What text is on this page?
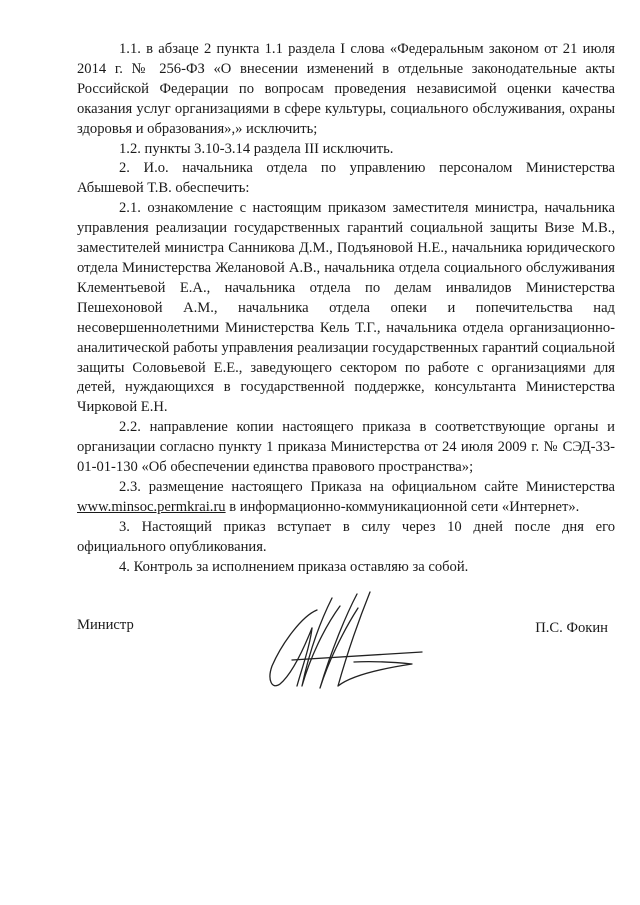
1.1. в абзаце 2 пункта 1.1 раздела I слова «Федеральным законом от 21 июля 2014 г. № 256-ФЗ «О внесении изменений в отдельные законодательные акты Российской Федерации по вопросам проведения независимой оценки качества оказания услуг организациями в сфере культуры, социального обслуживания, охраны здоровья и образования»,» исключить;

1.2. пункты 3.10-3.14 раздела III исключить.

2. И.о. начальника отдела по управлению персоналом Министерства Абышевой Т.В. обеспечить:

2.1. ознакомление с настоящим приказом заместителя министра, начальника управления реализации государственных гарантий социальной защиты Визе М.В., заместителей министра Санникова Д.М., Подъяновой Н.Е., начальника юридического отдела Министерства Желановой А.В., начальника отдела социального обслуживания Клементьевой Е.А., начальника отдела по делам инвалидов Министерства Пешехоновой А.М., начальника отдела опеки и попечительства над несовершеннолетними Министерства Кель Т.Г., начальника отдела организационно-аналитической работы управления реализации государственных гарантий социальной защиты Соловьевой Е.Е., заведующего сектором по работе с организациями для детей, нуждающихся в государственной поддержке, консультанта Министерства Чирковой Е.Н.

2.2. направление копии настоящего приказа в соответствующие органы и организации согласно пункту 1 приказа Министерства от 24 июля 2009 г. № СЭД-33-01-01-130 «Об обеспечении единства правового пространства»;

2.3. размещение настоящего Приказа на официальном сайте Министерства www.minsoc.permkrai.ru в информационно-коммуникационной сети «Интернет».

3. Настоящий приказ вступает в силу через 10 дней после дня его официального опубликования.

4. Контроль за исполнением приказа оставляю за собой.

Министр	П.С. Фокин
